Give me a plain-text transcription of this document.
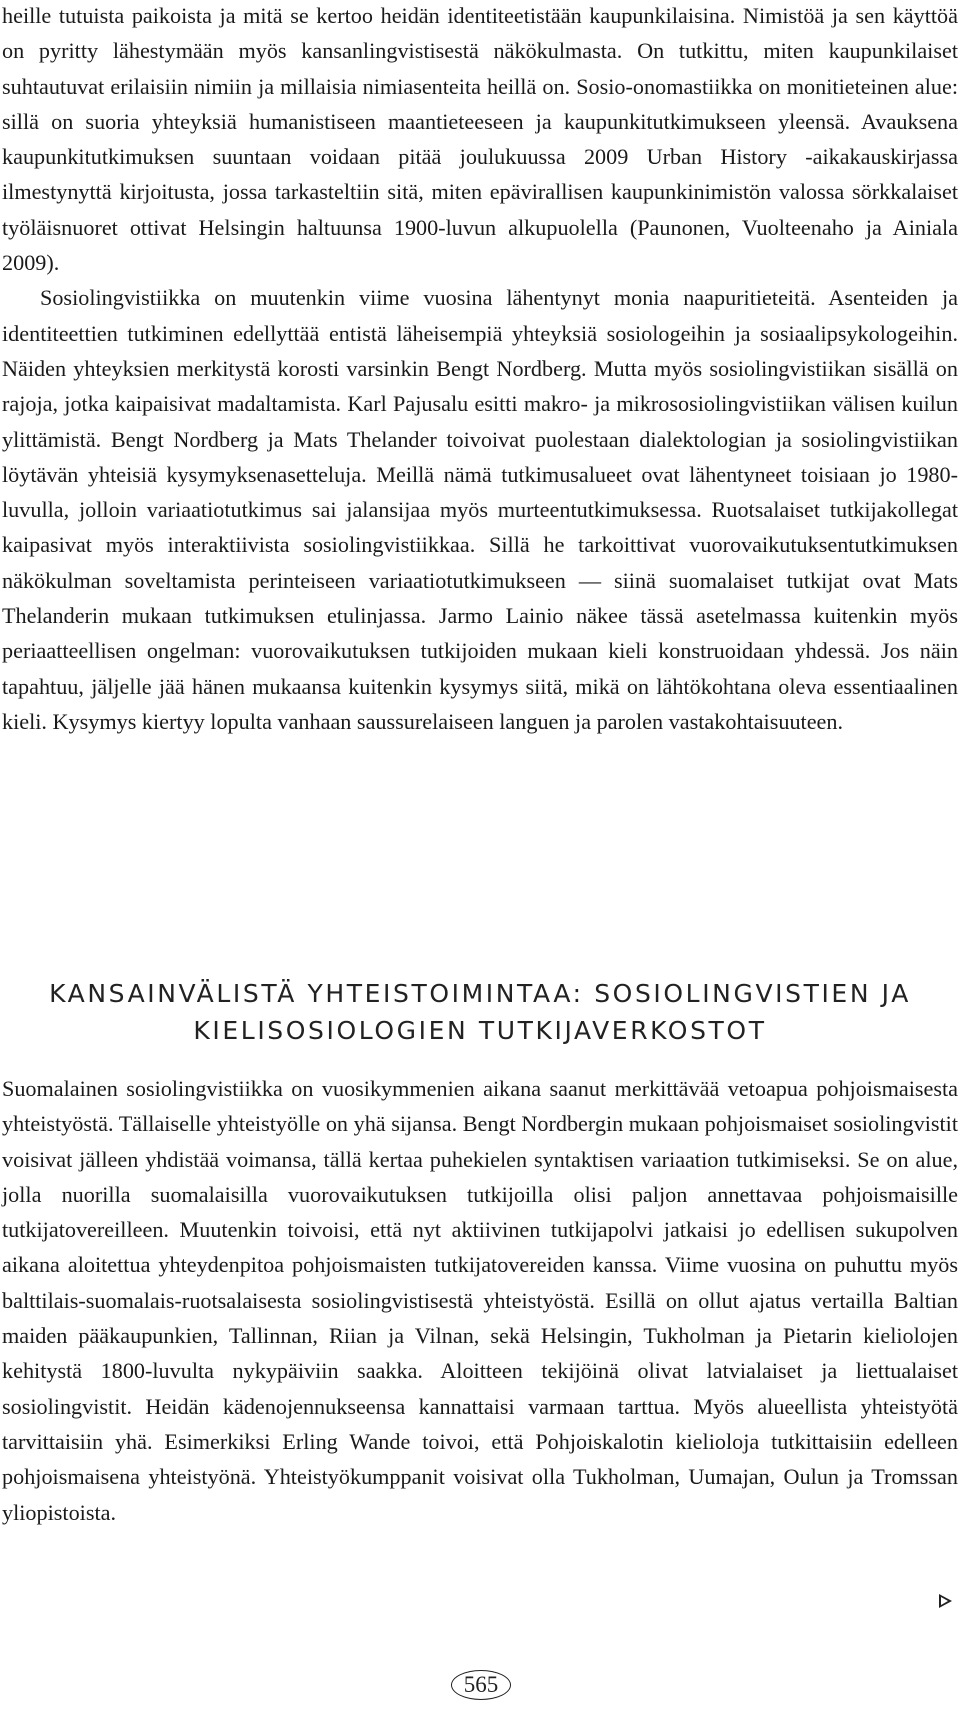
heille tutuista paikoista ja mitä se kertoo heidän identiteetistään kaupunkilaisina. Nimistöä ja sen käyttöä on pyritty lähestymään myös kansanlingvistisestä näkökulmasta. On tutkittu, miten kaupunkilaiset suhtautuvat erilaisiin nimiin ja millaisia nimiasenteita heillä on. Sosio-onomastiikka on monitieteinen alue: sillä on suoria yhteyksiä humanistiseen maantieteeseen ja kaupunkitutkimukseen yleensä. Avauksena kaupunkitutkimuksen suuntaan voidaan pitää joulukuussa 2009 Urban History -aikakauskirjassa ilmestynyttä kirjoitusta, jossa tarkasteltiin sitä, miten epävirallisen kaupunkinimistön valossa sörkkalaiset työläisnuoret ottivat Helsingin haltuunsa 1900-luvun alkupuolella (Paunonen, Vuolteenaho ja Ainiala 2009).

Sosiolingvistiikka on muutenkin viime vuosina lähentynyt monia naapuritieteitä. Asenteiden ja identiteettien tutkiminen edellyttää entistä läheisempiä yhteyksiä sosiologeihin ja sosiaalipsykologeihin. Näiden yhteyksien merkitystä korosti varsinkin Bengt Nordberg. Mutta myös sosiolingvistiikan sisällä on rajoja, jotka kaipaisivat madaltamista. Karl Pajusalu esitti makro- ja mikrososiolingvistiikan välisen kuilun ylittämistä. Bengt Nordberg ja Mats Thelander toivoivat puolestaan dialektologian ja sosiolingvistiikan löytävän yhteisiä kysymyksenasetteluja. Meillä nämä tutkimusalueet ovat lähentyneet toisiaan jo 1980-luvulla, jolloin variaatiotutkimus sai jalansijaa myös murteentutkimuksessa. Ruotsalaiset tutkijakollegat kaipasivat myös interaktiivista sosiolingvistiikkaa. Sillä he tarkoittivat vuorovaikutuksentutkimuksen näkökulman soveltamista perinteiseen variaatiotutkimukseen — siinä suomalaiset tutkijat ovat Mats Thelanderin mukaan tutkimuksen etulinjassa. Jarmo Lainio näkee tässä asetelmassa kuitenkin myös periaatteellisen ongelman: vuorovaikutuksen tutkijoiden mukaan kieli konstruoidaan yhdessä. Jos näin tapahtuu, jäljelle jää hänen mukaansa kuitenkin kysymys siitä, mikä on lähtökohtana oleva essentiaalinen kieli. Kysymys kiertyy lopulta vanhaan saussurelaiseen languen ja parolen vastakohtaisuuteen.

KANSAINVÄLISTÄ YHTEISTOIMINTAA: SOSIOLINGVISTIEN JA
KIELISOSIOLOGIEN TUTKIJAVERKOSTOT

Suomalainen sosiolingvistiikka on vuosikymmenien aikana saanut merkittävää vetoapua pohjoismaisesta yhteistyöstä. Tällaiselle yhteistyölle on yhä sijansa. Bengt Nordbergin mukaan pohjoismaiset sosiolingvistit voisivat jälleen yhdistää voimansa, tällä kertaa puhekielen syntaktisen variaation tutkimiseksi. Se on alue, jolla nuorilla suomalaisilla vuorovaikutuksen tutkijoilla olisi paljon annettavaa pohjoismaisille tutkijatovereilleen. Muutenkin toivoisi, että nyt aktiivinen tutkijapolvi jatkaisi jo edellisen sukupolven aikana aloitettua yhteydenpitoa pohjoismaisten tutkijatovereiden kanssa. Viime vuosina on puhuttu myös balttilais-suomalais-ruotsalaisesta sosiolingvistisestä yhteistyöstä. Esillä on ollut ajatus vertailla Baltian maiden pääkaupunkien, Tallinnan, Riian ja Vilnan, sekä Helsingin, Tukholman ja Pietarin kieliolojen kehitystä 1800-luvulta nykypäiviin saakka. Aloitteen tekijöinä olivat latvialaiset ja liettualaiset sosiolingvistit. Heidän kädenojennukseensa kannattaisi varmaan tarttua. Myös alueellista yhteistyötä tarvittaisiin yhä. Esimerkiksi Erling Wande toivoi, että Pohjoiskalotin kielioloja tutkittaisiin edelleen pohjoismaisena yhteistyönä. Yhteistyökumppanit voisivat olla Tukholman, Uumajan, Oulun ja Tromssan yliopistoista.

565
